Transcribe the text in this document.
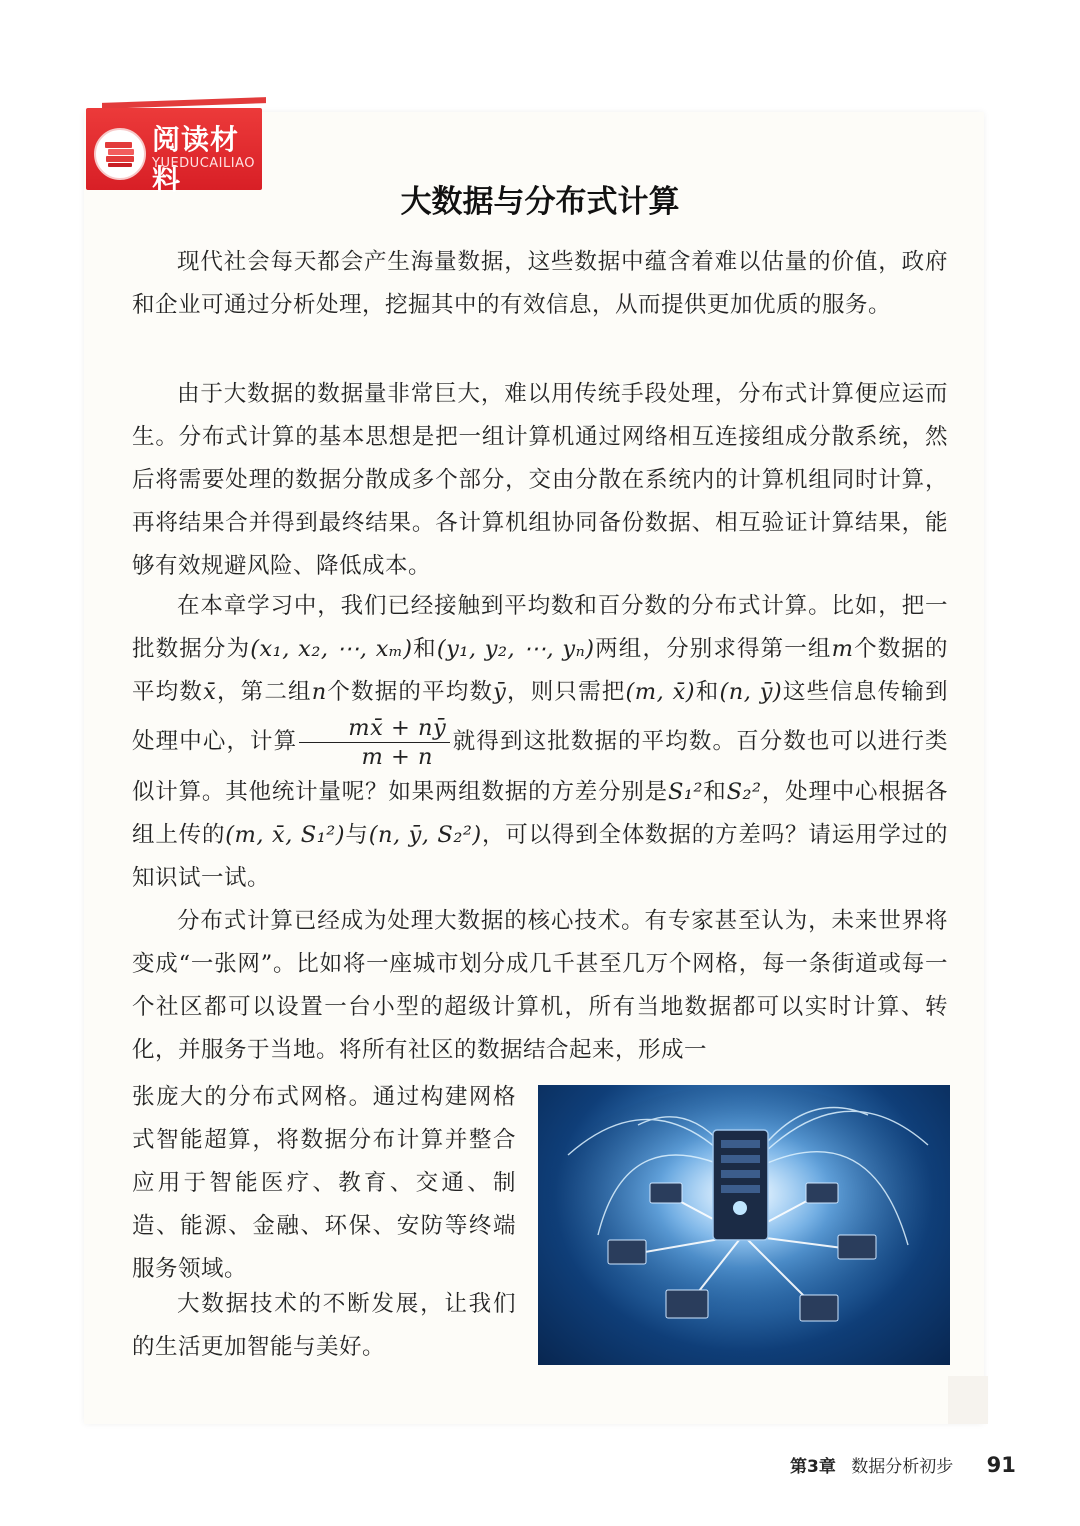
阅读材料
YUEDUCAILIAO
大数据与分布式计算
现代社会每天都会产生海量数据，这些数据中蕴含着难以估量的价值，政府和企业可通过分析处理，挖掘其中的有效信息，从而提供更加优质的服务。
由于大数据的数据量非常巨大，难以用传统手段处理，分布式计算便应运而生。分布式计算的基本思想是把一组计算机通过网络相互连接组成分散系统，然后将需要处理的数据分散成多个部分，交由分散在系统内的计算机组同时计算，再将结果合并得到最终结果。各计算机组协同备份数据、相互验证计算结果，能够有效规避风险、降低成本。
在本章学习中，我们已经接触到平均数和百分数的分布式计算。比如，把一批数据分为(x₁, x₂, ⋯, xₘ)和(y₁, y₂, ⋯, yₙ)两组，分别求得第一组m个数据的平均数x̄，第二组n个数据的平均数ȳ，则只需把(m, x̄)和(n, ȳ)这些信息传输到处理中心，计算 $\frac{mx̄ + nȳ}{m + n}$ 就得到这批数据的平均数。百分数也可以进行类似计算。其他统计量呢？如果两组数据的方差分别是S₁²和S₂²，处理中心根据各组上传的(m, x̄, S₁²)与(n, ȳ, S₂²)，可以得到全体数据的方差吗？请运用学过的知识试一试。
分布式计算已经成为处理大数据的核心技术。有专家甚至认为，未来世界将变成“一张网”。比如将一座城市划分成几千甚至几万个网格，每一条街道或每一个社区都可以设置一台小型的超级计算机，所有当地数据都可以实时计算、转化，并服务于当地。将所有社区的数据结合起来，形成一
张庞大的分布式网格。通过构建网格式智能超算，将数据分布计算并整合应用于智能医疗、教育、交通、制造、能源、金融、环保、安防等终端服务领域。
大数据技术的不断发展，让我们的生活更加智能与美好。
第3章 数据分析初步 91
